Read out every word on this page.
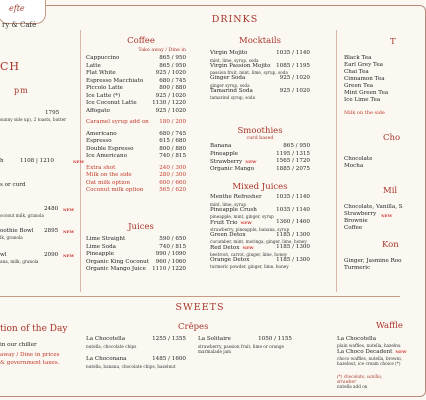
efte
ry & Café
CH
pm
1795
sunny side up), 2 toasts, butter
h	1108 | 1210	NEW
s or curd
2480 NEW
oconut milk, granola
oothie Bowl 2895 NEW
lk, granola
wl	2090 NEW
ana, milk, granola
tion of the Day
in our chiller
away / Dine in prices
& government taxes.
DRINKS
Coffee
Take away / Dine in
Cappuccino	865 / 950
Latte	865 / 950
Flat White	925 / 1020
Espresso Macchiato	680 / 745
Piccolo Latte	800 / 880
Ice Latte (*)	925 / 1020
Ice Coconut Latte	1130 / 1220
Affogato	925 / 1020
Caramel syrup add on 180 / 200
Americano	680 / 745
Espresso	615 / 680
Double Espresso	800 / 880
Ice Americano	740 / 815
Extra shot	240 / 300
Milk on the side	280 / 300
Oat milk option	600 / 660
Coconut milk option	565 / 620
Juices
Lime Straight	590 / 650
Lime Soda	740 / 815
Pineapple	990 / 1090
Organic King Coconut 960 / 1060
Organic Mango Juice 1110 / 1220
Mocktails
Virgin Mojito	1035 / 1140
mint, lime, syrup, soda
Virgin Passion Mojito 1085 / 1195
passion fruit, mint, lime, syrup, soda
Ginger Soda	925 / 1020
ginger syrup, soda
Tamarind Soda	925 / 1020
tamarind syrup, soda
Smoothies
curd based
Banana	865 / 950
Pineapple	1195 / 1315
Strawberry NEW	1565 / 1720
Organic Mango	1885 / 2075
Mixed Juices
Menthe Refresher	1035 / 1140
mint, lime, syrup
Pineapple Crush	1035 / 1140
pineapple, mint, ginger, syrup
Fruit Trio NEW	1360 / 1460
strawberry, pineapple, banana, syrup
Green Detox	1185 / 1300
cucumber, mint, moringa, ginger, lime, honey
Red Detox NEW	1185 / 1300
beetroot, carrot, ginger, lime, honey
Orange Detox	1185 / 1300
turmeric powder, ginger, lime, honey
T
Black Tea
Earl Grey Tea
Chai Tea
Cinnamon Tea
Green Tea
Mint Green Tea
Ice Lime Tea
Milk on the side
Cho
Chocolate
Mocha
Mil
Chocolate, Vanilla, S
Strawberry
Brownie
Coffee
NEW
Kon
Ginger, Jasmine Roo
Turmeric
SWEETS
Crêpes
La Chocotella	1255 / 1355
nutella, chocolate chips
La Choconana	1485 / 1600
nutella, banana, chocolate chips, hazelnut
La Solitaire	1050 / 1155
strawberry, passion fruit, lime or orange marmalade jam
Waffle
La Chocotella
plain waffles, nutella, hazelnu
La Choco Decadent NEW
choco waffles, nutella, browni, hazelnut, ice cream choice (*)
(*) chocolate, vanilla, strawber
nutella add on
